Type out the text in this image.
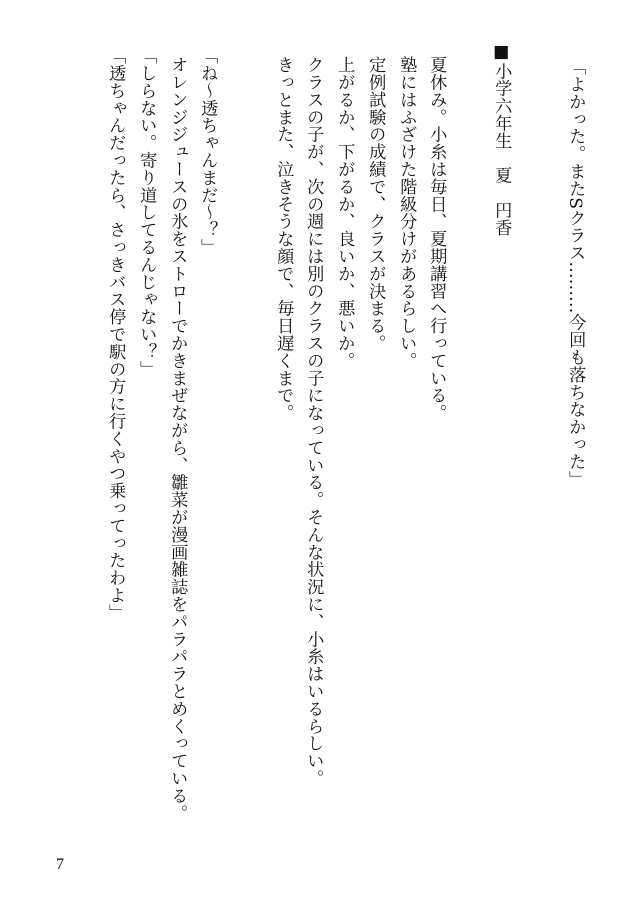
「よかった。またSクラス………今回も落ちなかった」
■小学六年生　夏　円香
夏休み。小糸は毎日、夏期講習へ行っている。
塾にはふざけた階級分けがあるらしい。
定例試験の成績で、クラスが決まる。
上がるか、下がるか、良いか、悪いか。
クラスの子が、次の週には別のクラスの子になっている。そんな状況に、小糸はいるらしい。
きっとまた、泣きそうな顔で、毎日遅くまで。
「ね〜透ちゃんまだ〜？」
オレンジジュースの氷をストローでかきまぜながら、雛菜が漫画雑誌をパラパラとめくっている。
「しらない。寄り道してるんじゃない？」
「透ちゃんだったら、さっきバス停で駅の方に行くやつ乗ってったわよ」
7
